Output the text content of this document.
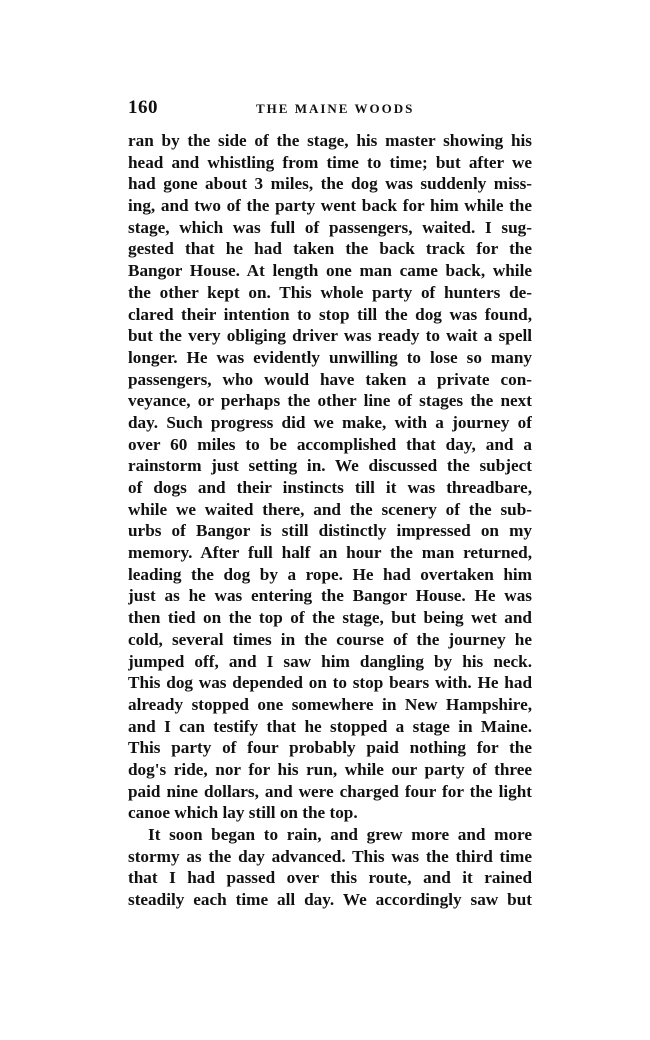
160	THE MAINE WOODS
ran by the side of the stage, his master showing his
head and whistling from time to time; but after we
had gone about 3 miles, the dog was suddenly miss-
ing, and two of the party went back for him while the
stage, which was full of passengers, waited. I sug-
gested that he had taken the back track for the
Bangor House. At length one man came back, while
the other kept on. This whole party of hunters de-
clared their intention to stop till the dog was found,
but the very obliging driver was ready to wait a spell
longer. He was evidently unwilling to lose so many
passengers, who would have taken a private con-
veyance, or perhaps the other line of stages the next
day. Such progress did we make, with a journey of
over 60 miles to be accomplished that day, and a
rainstorm just setting in. We discussed the subject
of dogs and their instincts till it was threadbare,
while we waited there, and the scenery of the sub-
urbs of Bangor is still distinctly impressed on my
memory. After full half an hour the man returned,
leading the dog by a rope. He had overtaken him
just as he was entering the Bangor House. He was
then tied on the top of the stage, but being wet and
cold, several times in the course of the journey he
jumped off, and I saw him dangling by his neck.
This dog was depended on to stop bears with. He had
already stopped one somewhere in New Hampshire,
and I can testify that he stopped a stage in Maine.
This party of four probably paid nothing for the
dog's ride, nor for his run, while our party of three
paid nine dollars, and were charged four for the light
canoe which lay still on the top.
It soon began to rain, and grew more and more
stormy as the day advanced. This was the third time
that I had passed over this route, and it rained
steadily each time all day. We accordingly saw but
